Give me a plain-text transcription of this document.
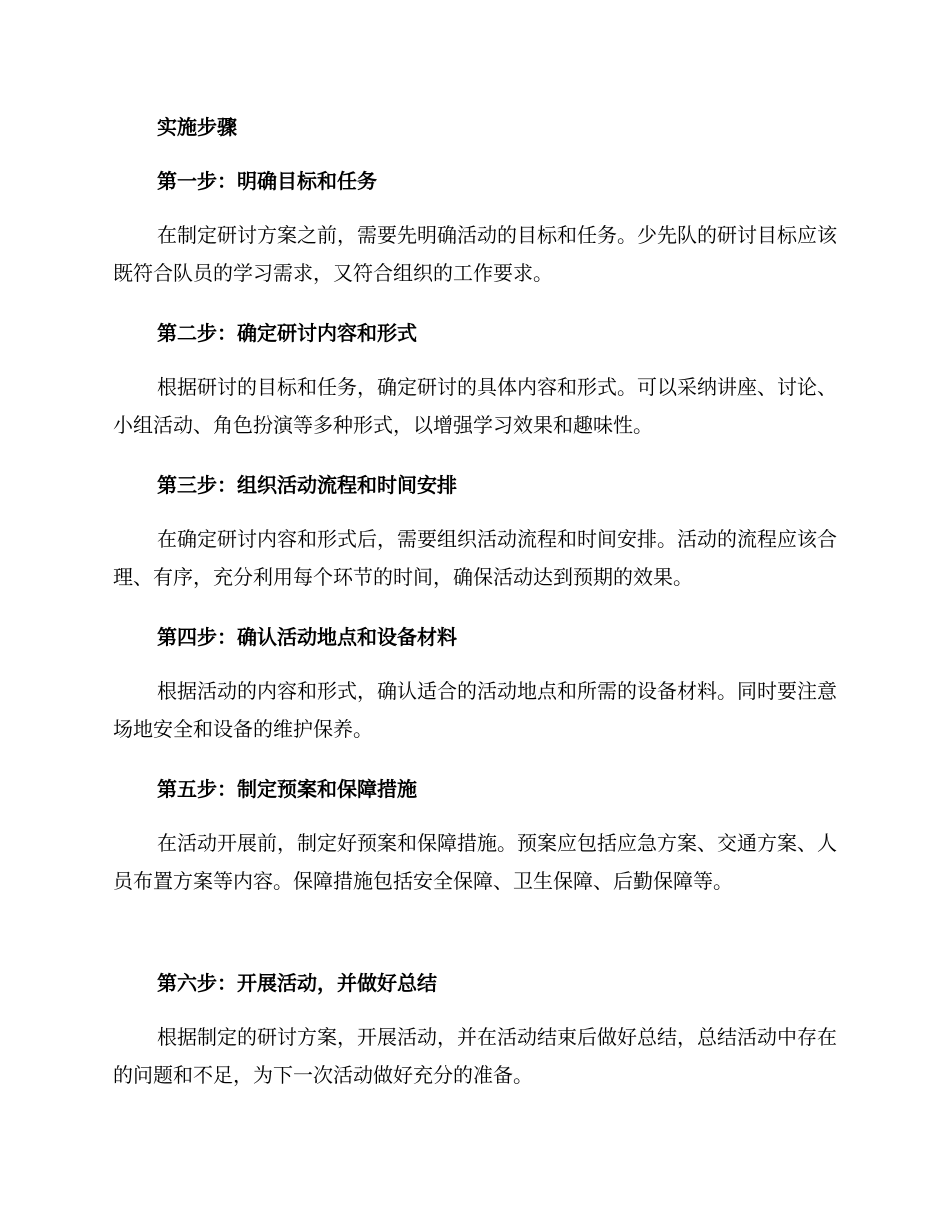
实施步骤
第一步：明确目标和任务

在制定研讨方案之前，需要先明确活动的目标和任务。少先队的研讨目标应该既符合队员的学习需求，又符合组织的工作要求。

第二步：确定研讨内容和形式

根据研讨的目标和任务，确定研讨的具体内容和形式。可以采纳讲座、讨论、小组活动、角色扮演等多种形式，以增强学习效果和趣味性。

第三步：组织活动流程和时间安排

在确定研讨内容和形式后，需要组织活动流程和时间安排。活动的流程应该合理、有序，充分利用每个环节的时间，确保活动达到预期的效果。

第四步：确认活动地点和设备材料

根据活动的内容和形式，确认适合的活动地点和所需的设备材料。同时要注意场地安全和设备的维护保养。

第五步：制定预案和保障措施

在活动开展前，制定好预案和保障措施。预案应包括应急方案、交通方案、人员布置方案等内容。保障措施包括安全保障、卫生保障、后勤保障等。

第六步：开展活动，并做好总结

根据制定的研讨方案，开展活动，并在活动结束后做好总结，总结活动中存在的问题和不足，为下一次活动做好充分的准备。
